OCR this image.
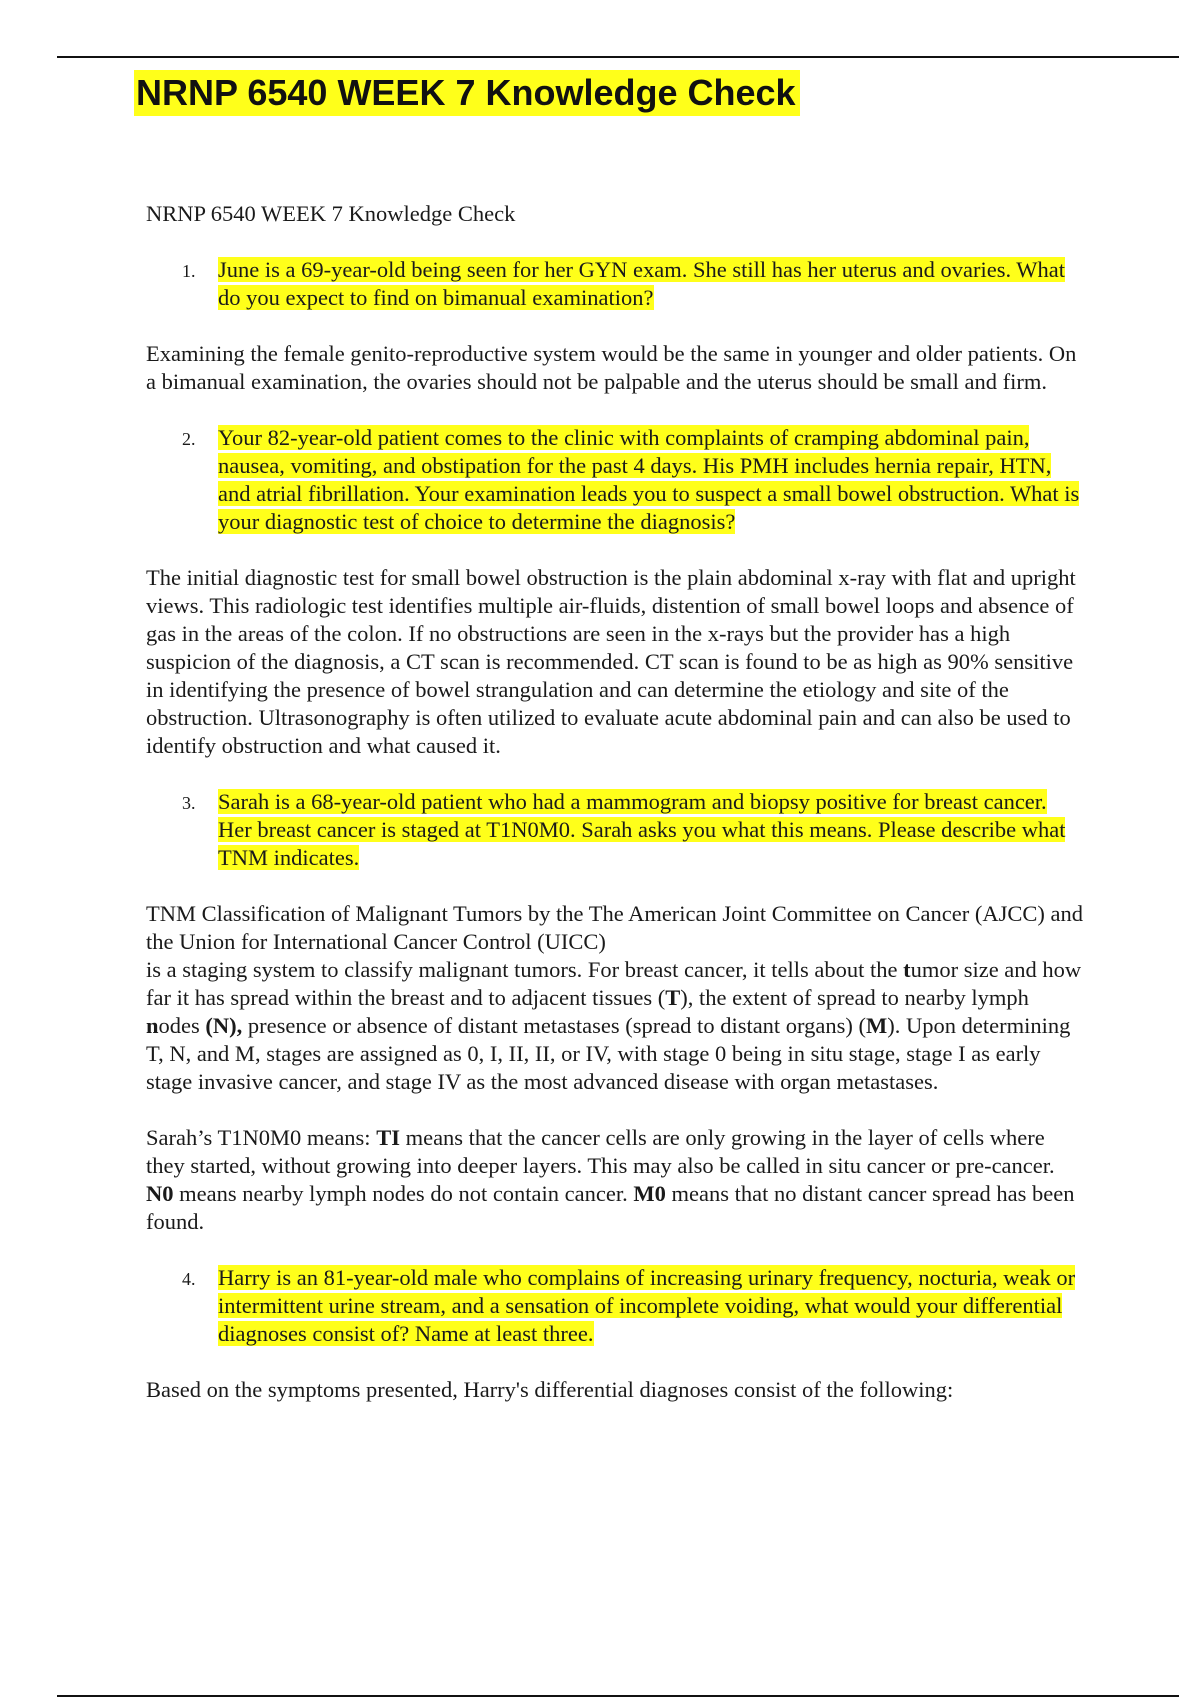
NRNP 6540 WEEK 7 Knowledge Check

NRNP 6540 WEEK 7 Knowledge Check

1. June is a 69-year-old being seen for her GYN exam. She still has her uterus and ovaries. What do you expect to find on bimanual examination?

Examining the female genito-reproductive system would be the same in younger and older patients. On a bimanual examination, the ovaries should not be palpable and the uterus should be small and firm.

2. Your 82-year-old patient comes to the clinic with complaints of cramping abdominal pain, nausea, vomiting, and obstipation for the past 4 days. His PMH includes hernia repair, HTN, and atrial fibrillation. Your examination leads you to suspect a small bowel obstruction. What is your diagnostic test of choice to determine the diagnosis?

The initial diagnostic test for small bowel obstruction is the plain abdominal x-ray with flat and upright views. This radiologic test identifies multiple air-fluids, distention of small bowel loops and absence of gas in the areas of the colon. If no obstructions are seen in the x-rays but the provider has a high suspicion of the diagnosis, a CT scan is recommended. CT scan is found to be as high as 90% sensitive in identifying the presence of bowel strangulation and can determine the etiology and site of the obstruction. Ultrasonography is often utilized to evaluate acute abdominal pain and can also be used to identify obstruction and what caused it.

3. Sarah is a 68-year-old patient who had a mammogram and biopsy positive for breast cancer. Her breast cancer is staged at T1N0M0. Sarah asks you what this means. Please describe what TNM indicates.
TNM Classification of Malignant Tumors by the The American Joint Committee on Cancer (AJCC) and the Union for International Cancer Control (UICC)
is a staging system to classify malignant tumors. For breast cancer, it tells about the tumor size and how far it has spread within the breast and to adjacent tissues (T), the extent of spread to nearby lymph nodes (N), presence or absence of distant metastases (spread to distant organs) (M). Upon determining T, N, and M, stages are assigned as 0, I, II, II, or IV, with stage 0 being in situ stage, stage I as early stage invasive cancer, and stage IV as the most advanced disease with organ metastases.

Sarah’s T1N0M0 means: TI means that the cancer cells are only growing in the layer of cells where they started, without growing into deeper layers. This may also be called in situ cancer or pre-cancer. N0 means nearby lymph nodes do not contain cancer. M0 means that no distant cancer spread has been found.

4. Harry is an 81-year-old male who complains of increasing urinary frequency, nocturia, weak or intermittent urine stream, and a sensation of incomplete voiding, what would your differential diagnoses consist of? Name at least three.

Based on the symptoms presented, Harry's differential diagnoses consist of the following:
